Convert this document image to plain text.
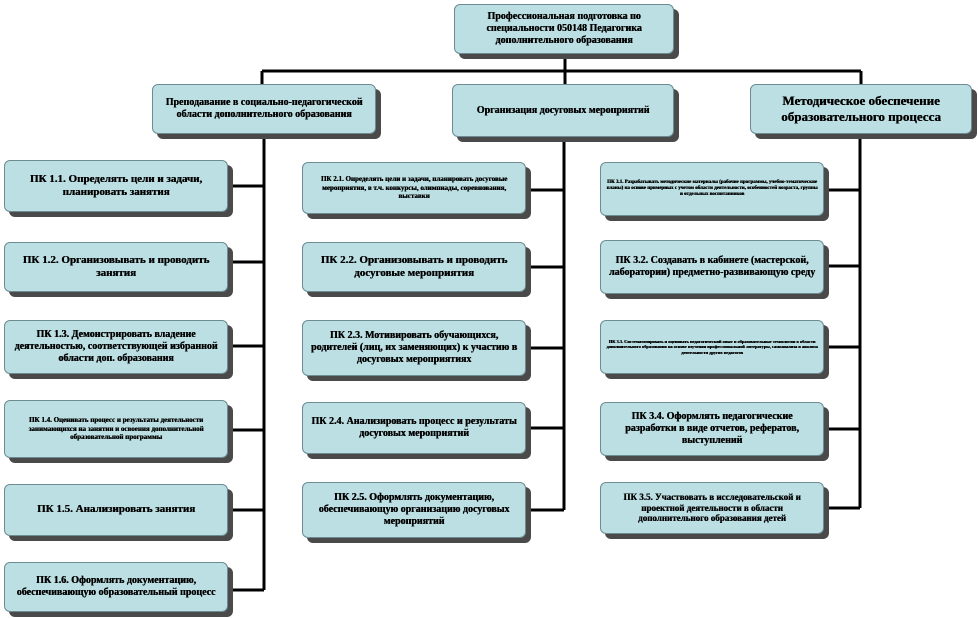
Профессиональная подготовка по специальности 050148 Педагогика дополнительного образования
Преподавание в социально-педагогической области дополнительного образования	Организация досуговых мероприятий
Методическое обеспечение образовательного процесса
ПК 1.1. Определять цели и задачи, планировать занятия
ПК 1.2. Организовывать и проводить занятия
ПК 1.3. Демонстрировать владение деятельностью, соответствующей избранной области доп. образования
ПК 1.4. Оценивать процесс и результаты деятельности занимающихся на занятии и освоения дополнительной образовательной программы
ПК 1.5. Анализировать занятия
ПК 1.6. Оформлять документацию, обеспечивающую образовательный процесс
ПК 2.1. Определять цели и задачи, планировать досуговые мероприятия, в т.ч. конкурсы, олимпиады, соревнования, выставки
ПК 2.2. Организовывать и проводить досуговые мероприятия
ПК 2.3. Мотивировать обучающихся, родителей (лиц, их заменяющих) к участию в досуговых мероприятиях
ПК 2.4. Анализировать процесс и результаты досуговых мероприятий
ПК 2.5. Оформлять документацию, обеспечивающую организацию досуговых мероприятий
ПК 3.1. Разрабатывать методические материалы (рабочие программы, учебно-тематические планы) на основе примерных с учетом области деятельности, особенностей возраста, группы и отдельных воспитанников
ПК 3.2. Создавать в кабинете (мастерской, лаборатории) предметно-развивающую среду
ПК 3.3. Систематизировать и оценивать педагогический опыт и образовательные технологии в области дополнительного образования на основе изучения профессиональной литературы, самоанализа и анализа деятельности других педагогов
ПК 3.4. Оформлять педагогические разработки в виде отчетов, рефератов, выступлений
ПК 3.5. Участвовать в исследовательской и проектной деятельности в области дополнительного образования детей
